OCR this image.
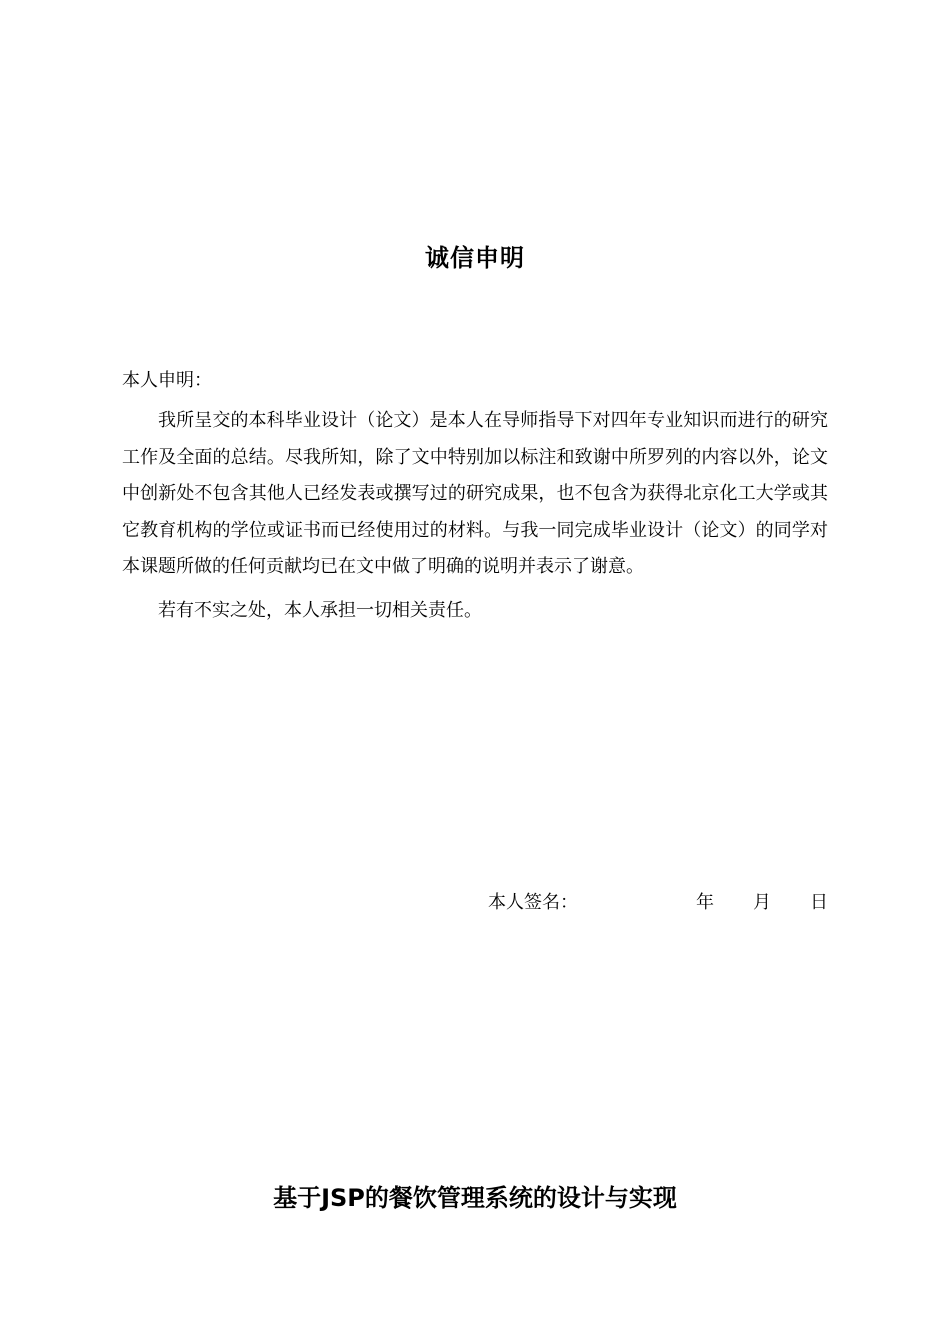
诚信申明
本人申明：

我所呈交的本科毕业设计（论文）是本人在导师指导下对四年专业知识而进行的研究工作及全面的总结。尽我所知，除了文中特别加以标注和致谢中所罗列的内容以外，论文中创新处不包含其他人已经发表或撰写过的研究成果，也不包含为获得北京化工大学或其它教育机构的学位或证书而已经使用过的材料。与我一同完成毕业设计（论文）的同学对本课题所做的任何贡献均已在文中做了明确的说明并表示了谢意。

若有不实之处，本人承担一切相关责任。

本人签名：	年 月 日
基于JSP的餐饮管理系统的设计与实现
